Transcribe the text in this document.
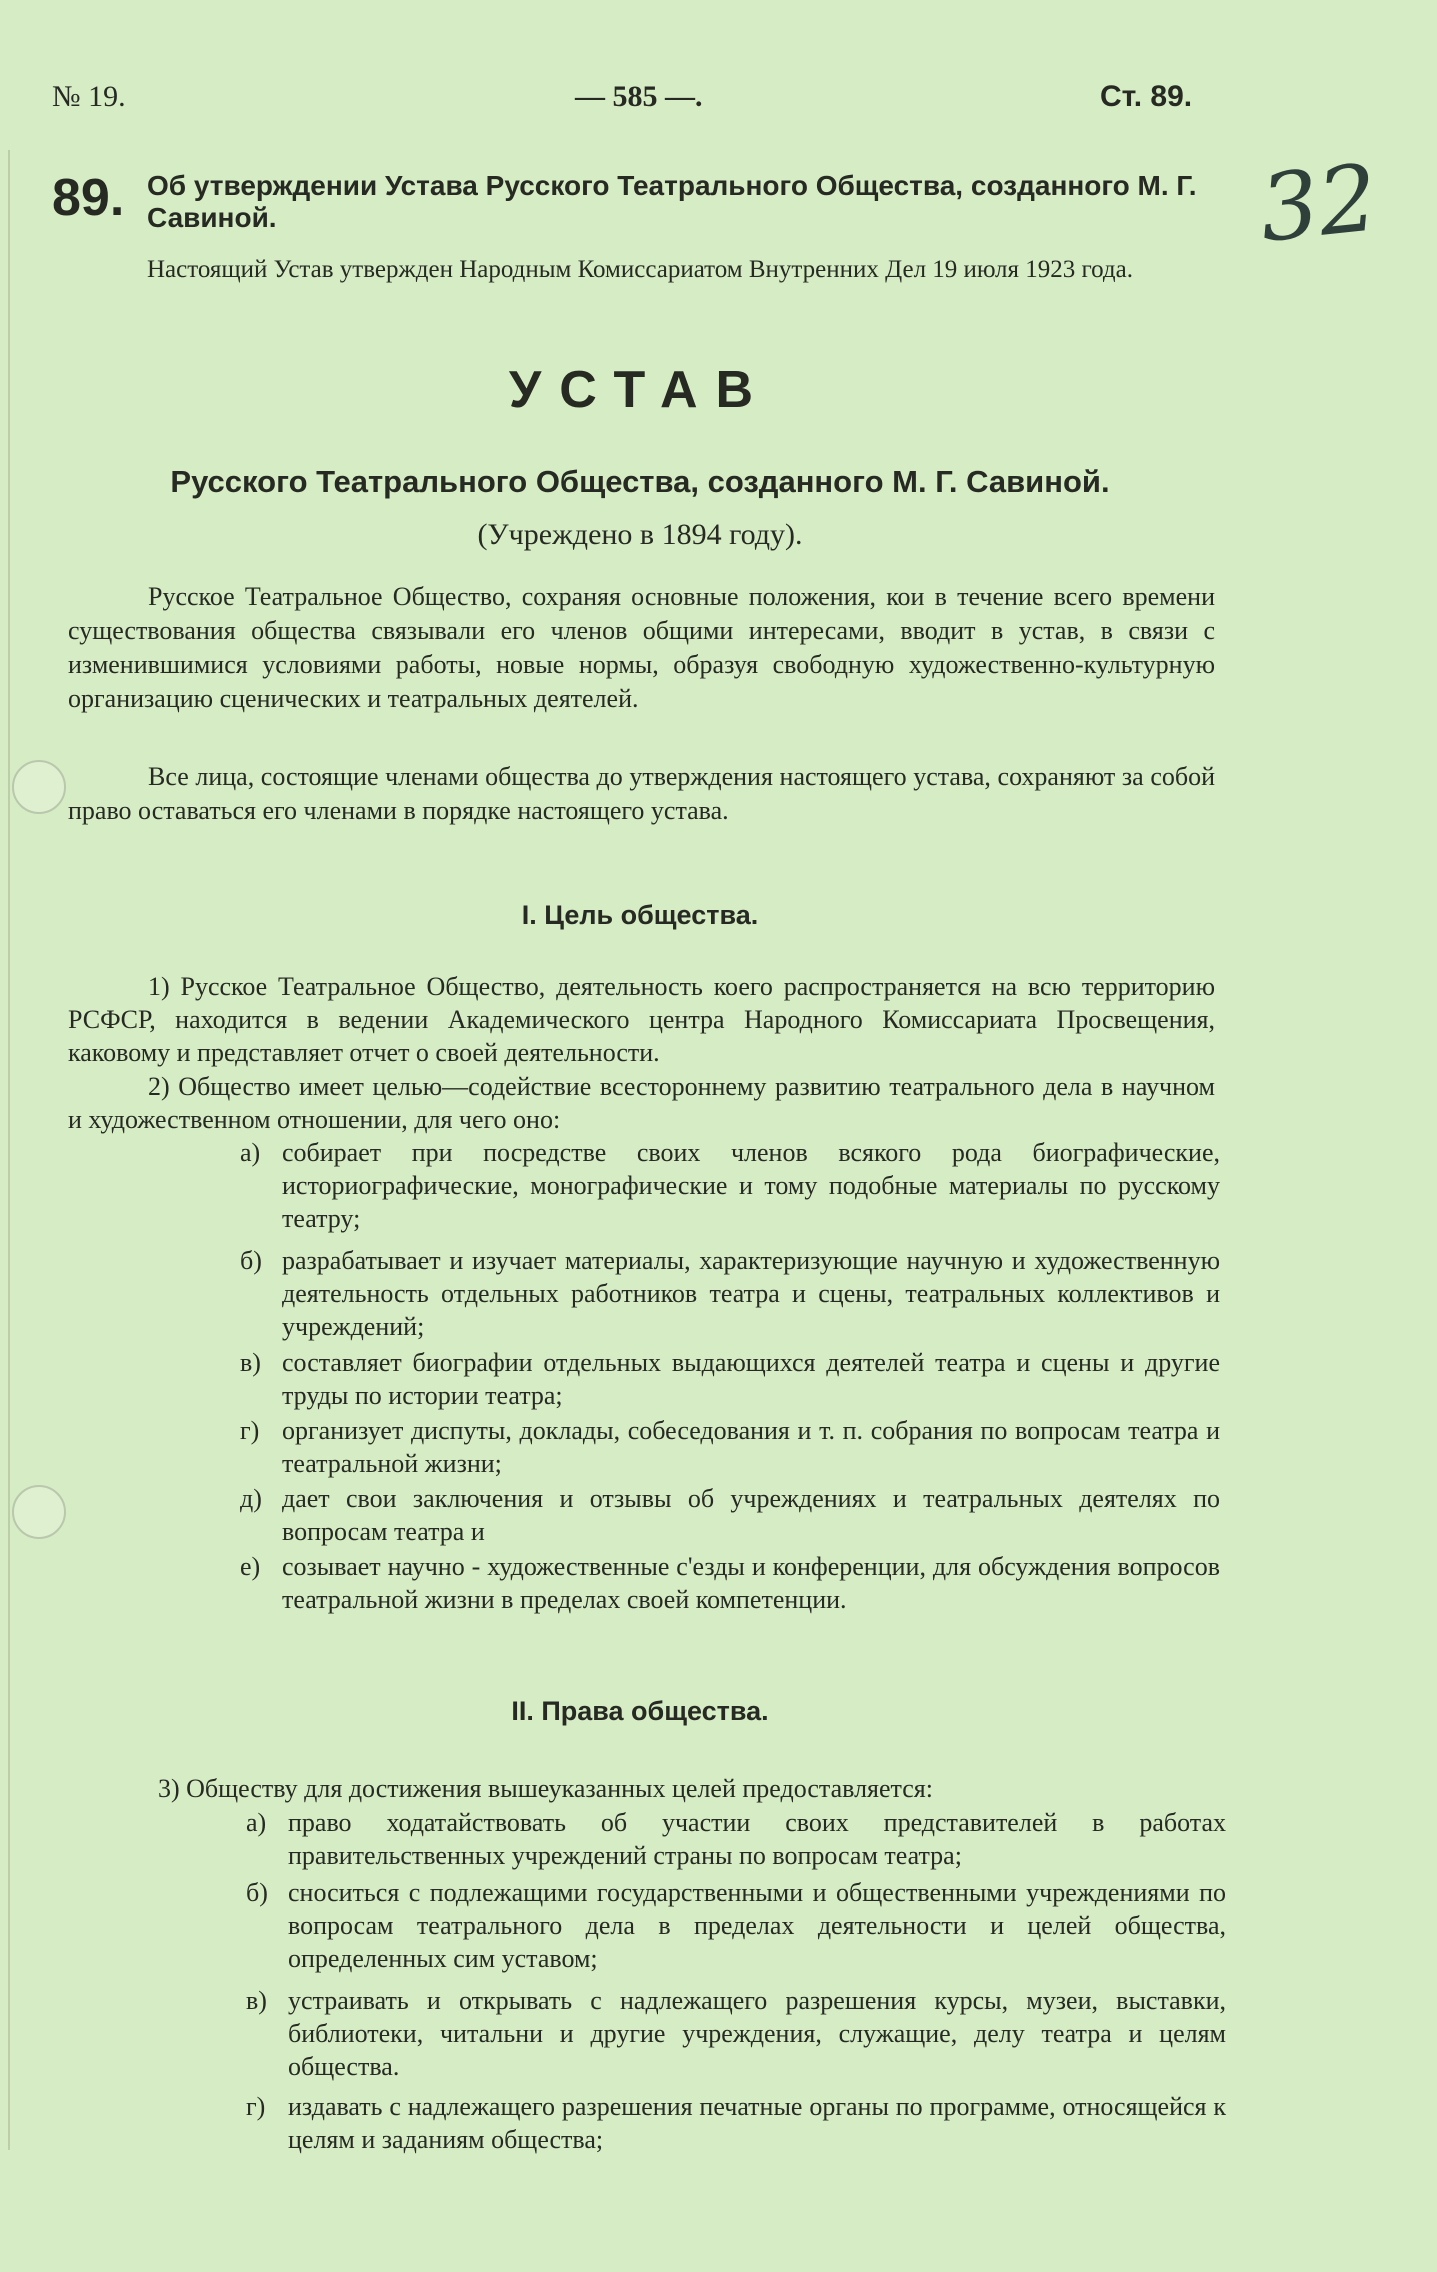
№ 19.	— 585 —.	Ст. 89.
32
89. Об утверждении Устава Русского Театрального Общества, созданного М. Г. Савиной.
Настоящий Устав утвержден Народным Комиссариатом Внутренних Дел 19 июля 1923 года.
УСТАВ
Русского Театрального Общества, созданного М. Г. Савиной.
(Учреждено в 1894 году).

Русское Театральное Общество, сохраняя основные положения, кои в течение всего времени существования общества связывали его членов общими интересами, вводит в устав, в связи с изменившимися условиями работы, новые нормы, образуя свободную художественно-культурную организацию сценических и театральных деятелей.

Все лица, состоящие членами общества до утверждения настоящего устава, сохраняют за собой право оставаться его членами в порядке настоящего устава.

I. Цель общества.

1) Русское Театральное Общество, деятельность коего распространяется на всю территорию РСФСР, находится в ведении Академического центра Народного Комиссариата Просвещения, каковому и представляет отчет о своей деятельности.

2) Общество имеет целью—содействие всестороннему развитию театрального дела в научном и художественном отношении, для чего оно:

а) собирает при посредстве своих членов всякого рода биографические, историографические, монографические и тому подобные материалы по русскому театру;
б) разрабатывает и изучает материалы, характеризующие научную и художественную деятельность отдельных работников театра и сцены, театральных коллективов и учреждений;
в) составляет биографии отдельных выдающихся деятелей театра и сцены и другие труды по истории театра;
г) организует диспуты, доклады, собеседования и т. п. собрания по вопросам театра и театральной жизни;
д) дает свои заключения и отзывы об учреждениях и театральных деятелях по вопросам театра и
е) созывает научно - художественные с'езды и конференции, для обсуждения вопросов театральной жизни в пределах своей компетенции.
II. Права общества.

3) Обществу для достижения вышеуказанных целей предоставляется:

а) право ходатайствовать об участии своих представителей в работах правительственных учреждений страны по вопросам театра;
б) сноситься с подлежащими государственными и общественными учреждениями по вопросам театрального дела в пределах деятельности и целей общества, определенных сим уставом;
в) устраивать и открывать с надлежащего разрешения курсы, музеи, выставки, библиотеки, читальни и другие учреждения, служащие, делу театра и целям общества.
г) издавать с надлежащего разрешения печатные органы по программе, относящейся к целям и заданиям общества;
